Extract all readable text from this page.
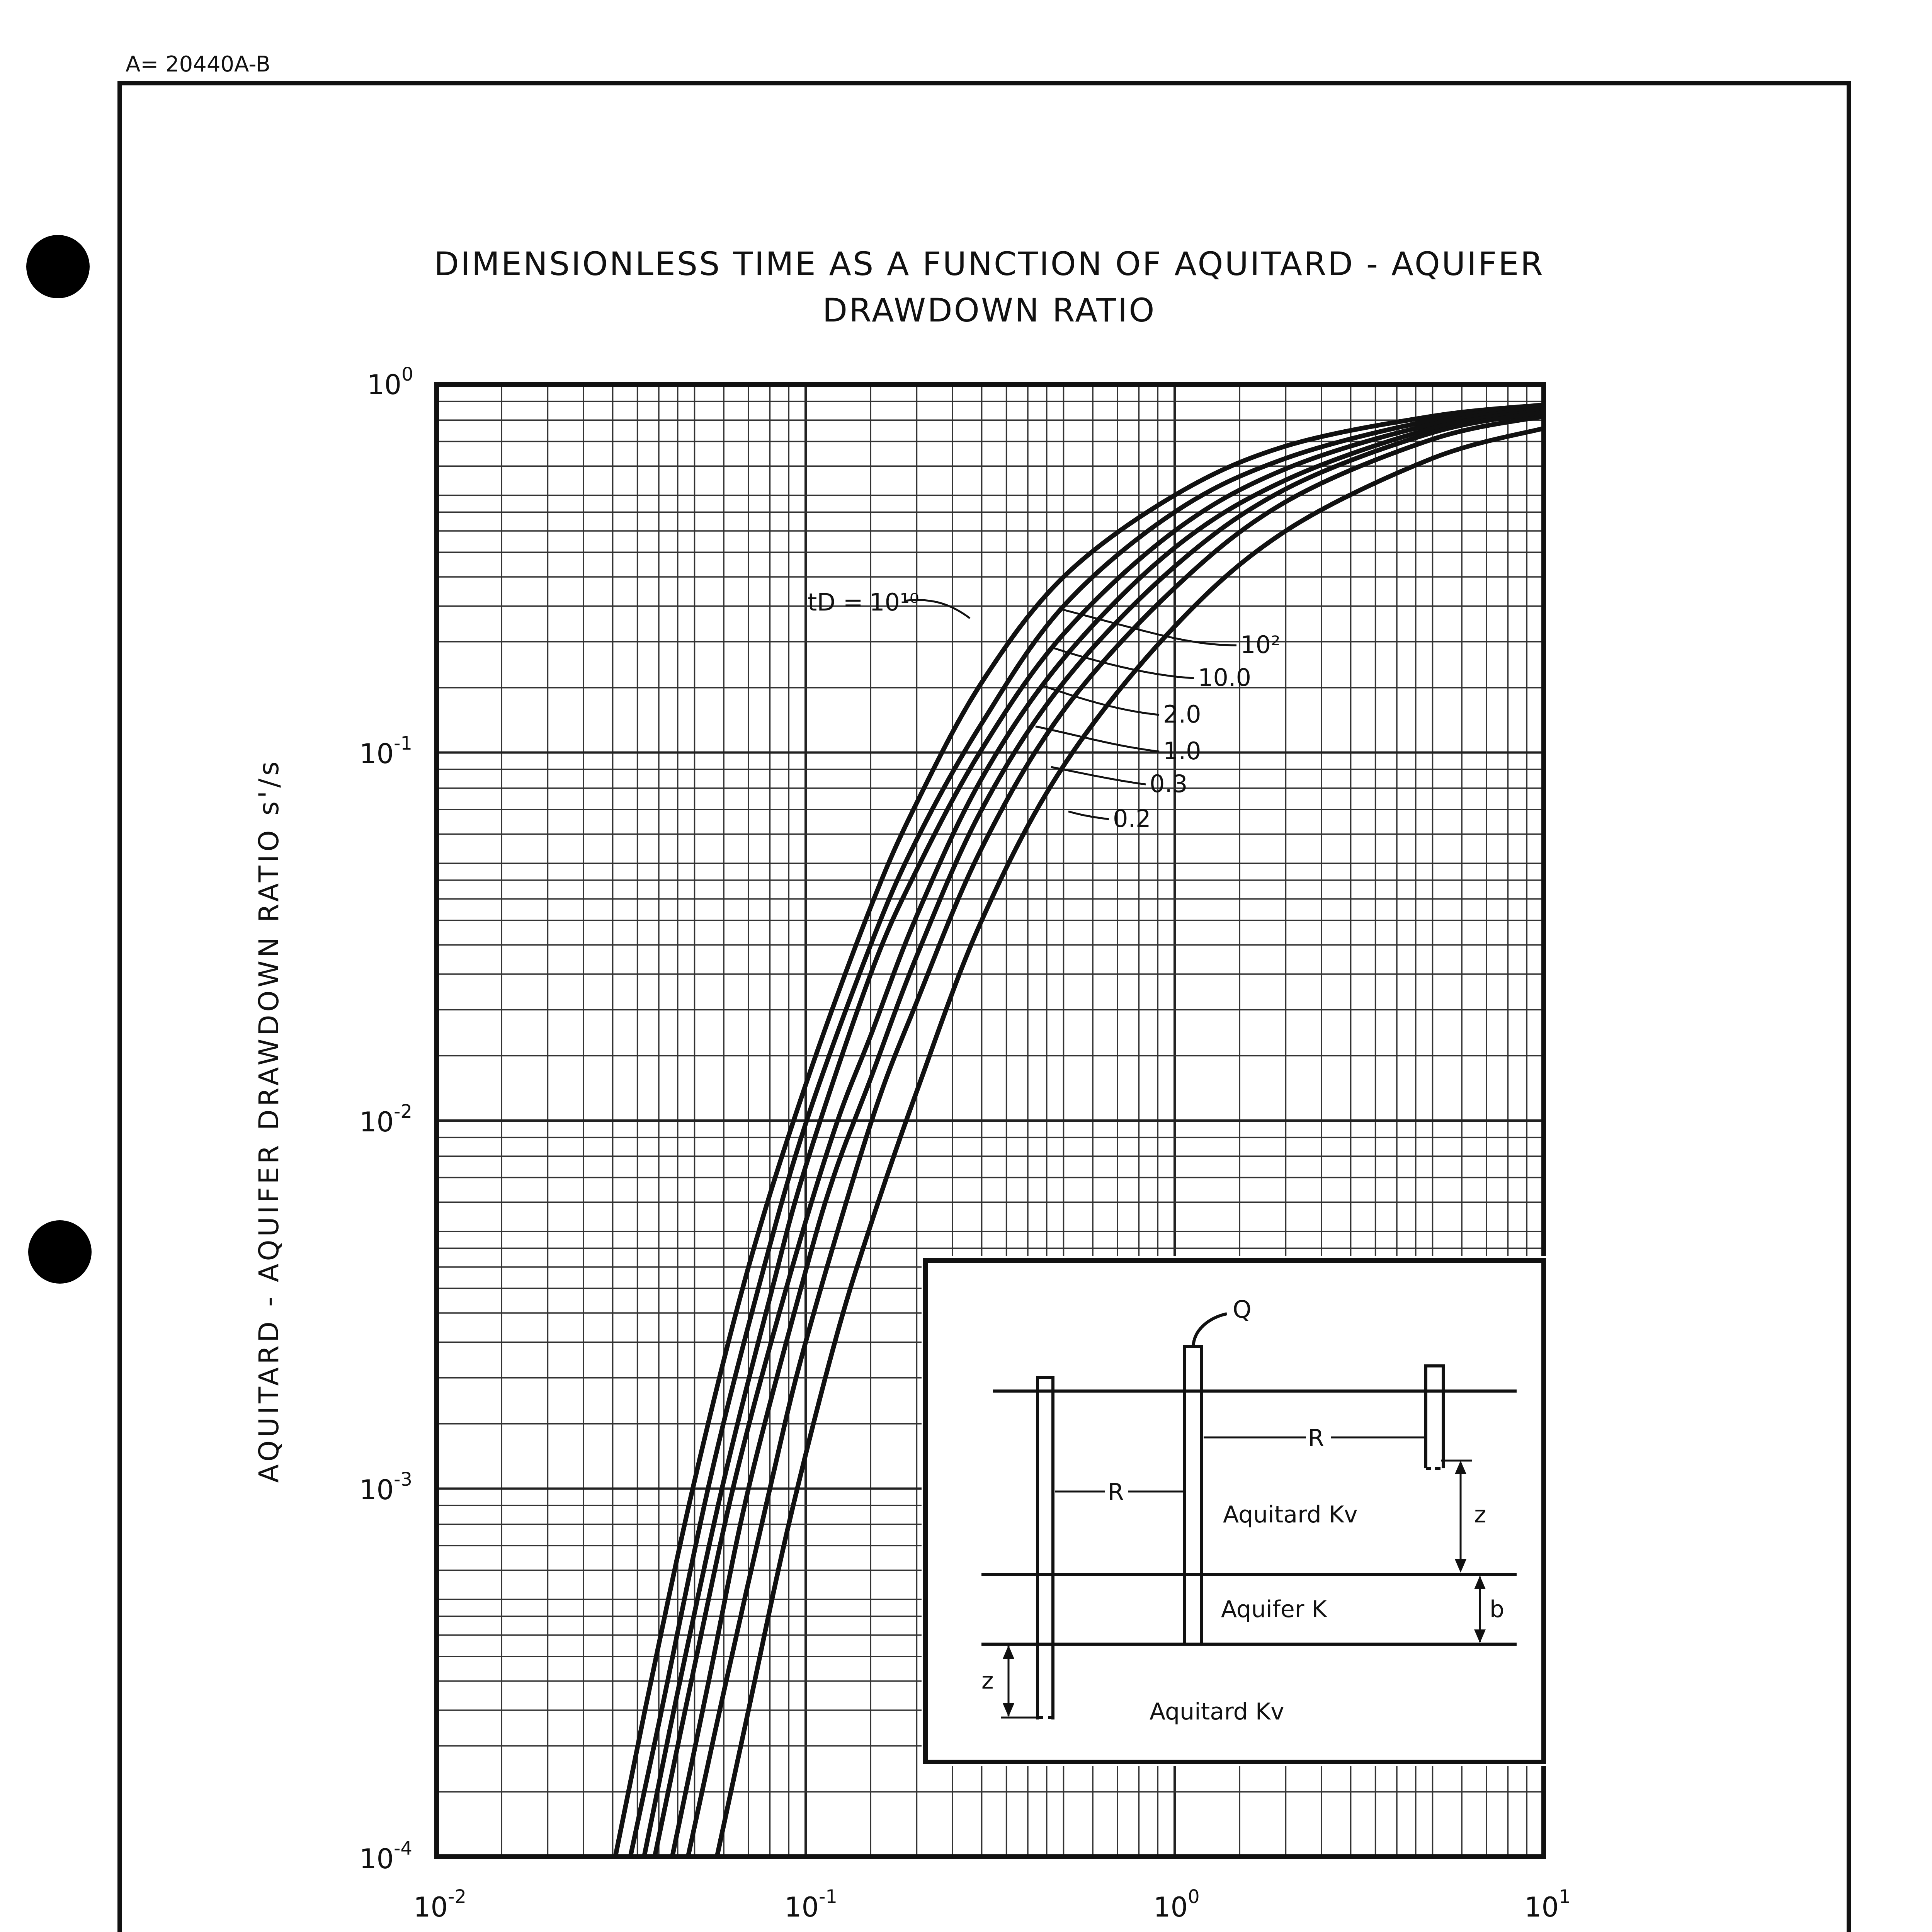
A= 20440A-B
DIMENSIONLESS TIME AS A FUNCTION OF AQUITARD - AQUIFER
DRAWDOWN RATIO
$10^0$
$10^{-1}$
$10^{-2}$
$10^{-3}$
$10^{-4}$
$10^{-2}$	$10^{-1}$	$10^0$	$10^1$
AQUITARD - AQUIFER DRAWDOWN RATIO s'/s
tD = 10¹⁰
10²
10.0
2.0
1.0
0.3
0.2
Q
R
R
Aquitard Kv
Aquifer K
Aquitard Kv
z
b
z
